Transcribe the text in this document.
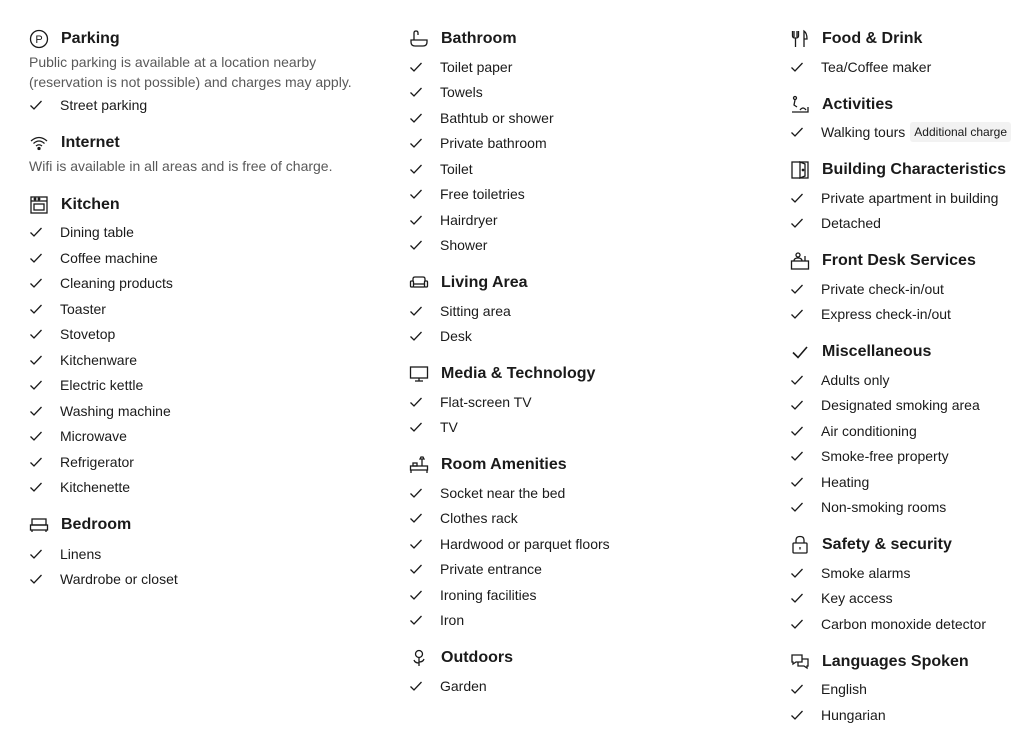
P Parking

Public parking is available at a location nearby (reservation is not possible) and charges may apply.

Street parking
Internet

Wifi is available in all areas and is free of charge.

Kitchen
Dining table
Coffee machine
Cleaning products
Toaster
Stovetop
Kitchenware
Electric kettle
Washing machine
Microwave
Refrigerator
Kitchenette
Bedroom
Linens
Wardrobe or closet
Bathroom
Toilet paper
Towels
Bathtub or shower
Private bathroom
Toilet
Free toiletries
Hairdryer
Shower
Living Area
Sitting area
Desk
Media & Technology
Flat-screen TV
TV
Room Amenities
Socket near the bed
Clothes rack
Hardwood or parquet floors
Private entrance
Ironing facilities
Iron
Outdoors
Garden
Food & Drink
Tea/Coffee maker
Activities
Walking tours Additional charge
Building Characteristics
Private apartment in building
Detached
Front Desk Services
Private check-in/out
Express check-in/out
Miscellaneous
Adults only
Designated smoking area
Air conditioning
Smoke-free property
Heating
Non-smoking rooms
Safety & security
Smoke alarms
Key access
Carbon monoxide detector
Languages Spoken
English
Hungarian
